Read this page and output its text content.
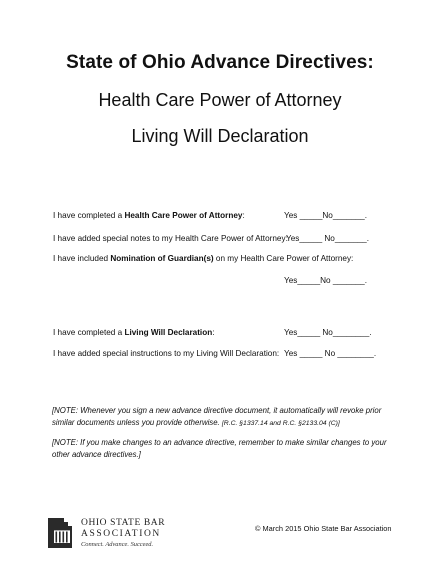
State of Ohio Advance Directives:
Health Care Power of Attorney
Living Will Declaration
I have completed a Health Care Power of Attorney:	Yes _____No_______.
I have added special notes to my Health Care Power of Attorney:
Yes_____ No_______.
I have included Nomination of Guardian(s) on my Health Care Power of Attorney:
Yes_____No _______.
I have completed a Living Will Declaration:	Yes_____ No________.
I have added special instructions to my Living Will Declaration: Yes _____ No ________.
[NOTE: Whenever you sign a new advance directive document, it automatically will revoke prior similar documents unless you provide otherwise. [R.C. §1337.14 and R.C. §2133.04 (C)]
[NOTE: If you make changes to an advance directive, remember to make similar changes to your other advance directives.]
OHIO STATE BAR
ASSOCIATION
Connect. Advance. Succeed.
© March 2015 Ohio State Bar Association
